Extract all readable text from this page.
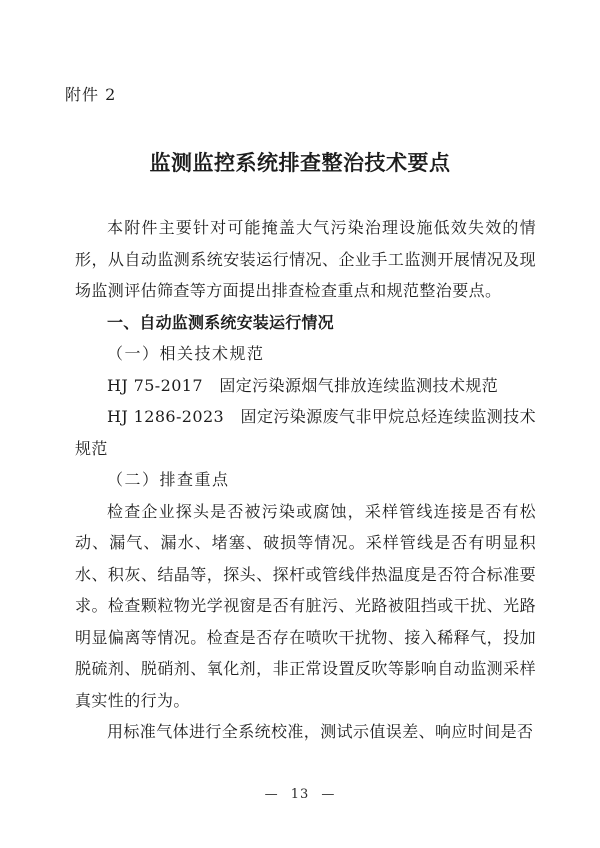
附件 2
监测监控系统排查整治技术要点

本附件主要针对可能掩盖大气污染治理设施低效失效的情形，从自动监测系统安装运行情况、企业手工监测开展情况及现场监测评估筛查等方面提出排查检查重点和规范整治要点。

一、自动监测系统安装运行情况

（一）相关技术规范

HJ 75-2017　固定污染源烟气排放连续监测技术规范

HJ 1286-2023　固定污染源废气非甲烷总烃连续监测技术规范

（二）排查重点

检查企业探头是否被污染或腐蚀，采样管线连接是否有松动、漏气、漏水、堵塞、破损等情况。采样管线是否有明显积水、积灰、结晶等，探头、探杆或管线伴热温度是否符合标准要求。检查颗粒物光学视窗是否有脏污、光路被阻挡或干扰、光路明显偏离等情况。检查是否存在喷吹干扰物、接入稀释气，投加脱硫剂、脱硝剂、氧化剂，非正常设置反吹等影响自动监测采样真实性的行为。

用标准气体进行全系统校准，测试示值误差、响应时间是否

— 13 —
